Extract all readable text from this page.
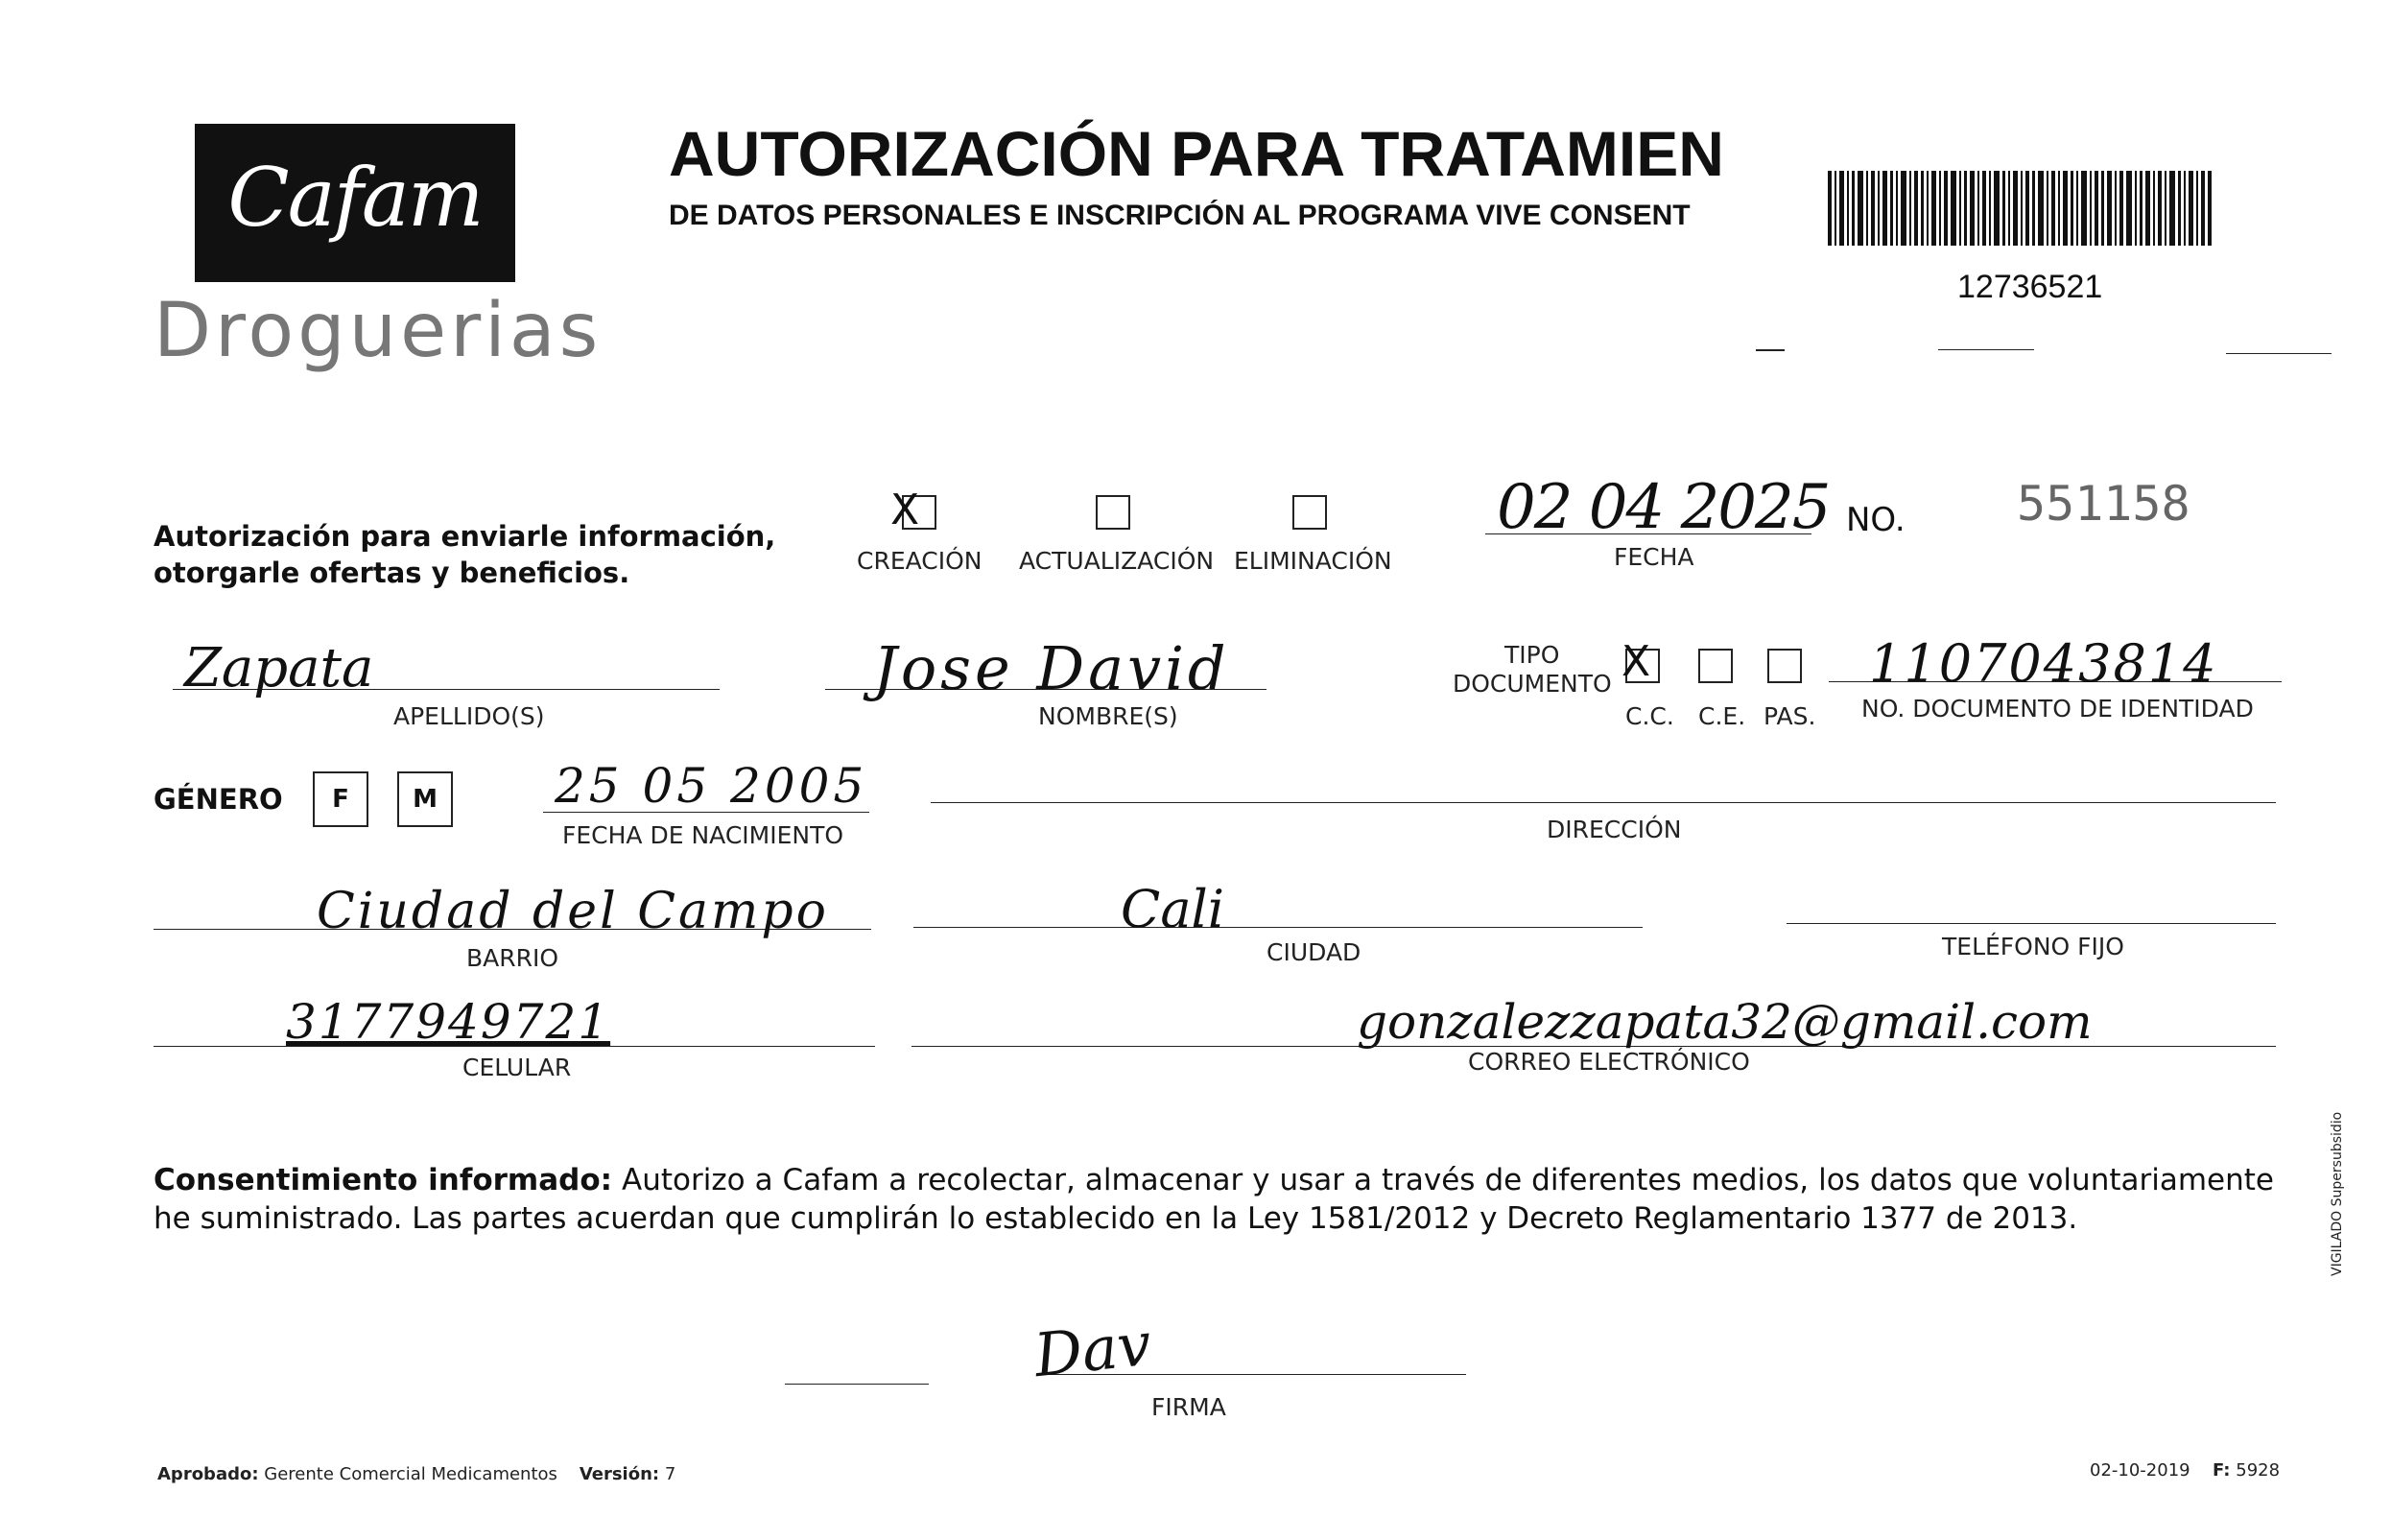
Cafam
Droguerias
AUTORIZACIÓN PARA TRATAMIEN
DE DATOS PERSONALES E INSCRIPCIÓN AL PROGRAMA VIVE CONSENT
12736521
Autorización para enviarle información,
otorgarle ofertas y beneficios.
X
CREACIÓN ACTUALIZACIÓN ELIMINACIÓN
02 04 2025
FECHA
NO. 551158
Zapata
APELLIDO(S)
Jose David
NOMBRE(S)
TIPO
DOCUMENTO X
C.C. C.E. PAS.
1107043814
NO. DOCUMENTO DE IDENTIDAD
GÉNERO	F	M	25 05 2005
FECHA DE NACIMIENTO	DIRECCIÓN
Ciudad del Campo
BARRIO
Cali
CIUDAD	TELÉFONO FIJO
3177949721
CELULAR
gonzalezzapata32@gmail.com
CORREO ELECTRÓNICO
Consentimiento informado: Autorizo a Cafam a recolectar, almacenar y usar a través de diferentes medios, los datos que voluntariamente he suministrado. Las partes acuerdan que cumplirán lo establecido en la Ley 1581/2012 y Decreto Reglamentario 1377 de 2013.
Dav
FIRMA
Aprobado: Gerente Comercial Medicamentos Versión: 7	02-10-2019 F: 5928
VIGILADO Supersubsidio
